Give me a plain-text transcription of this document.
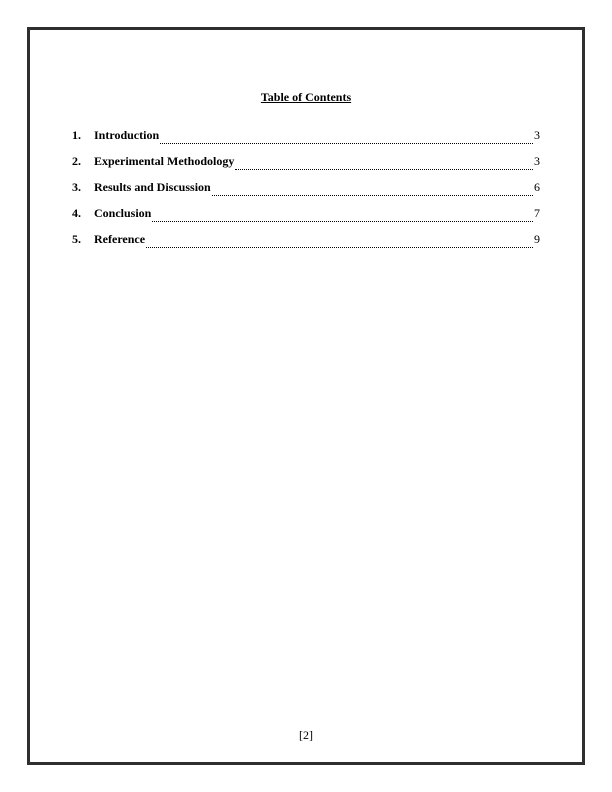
Table of Contents
1.	Introduction	3
2.	Experimental Methodology	3
3.	Results and Discussion	6
4.	Conclusion	7
5.	Reference	9
[2]
